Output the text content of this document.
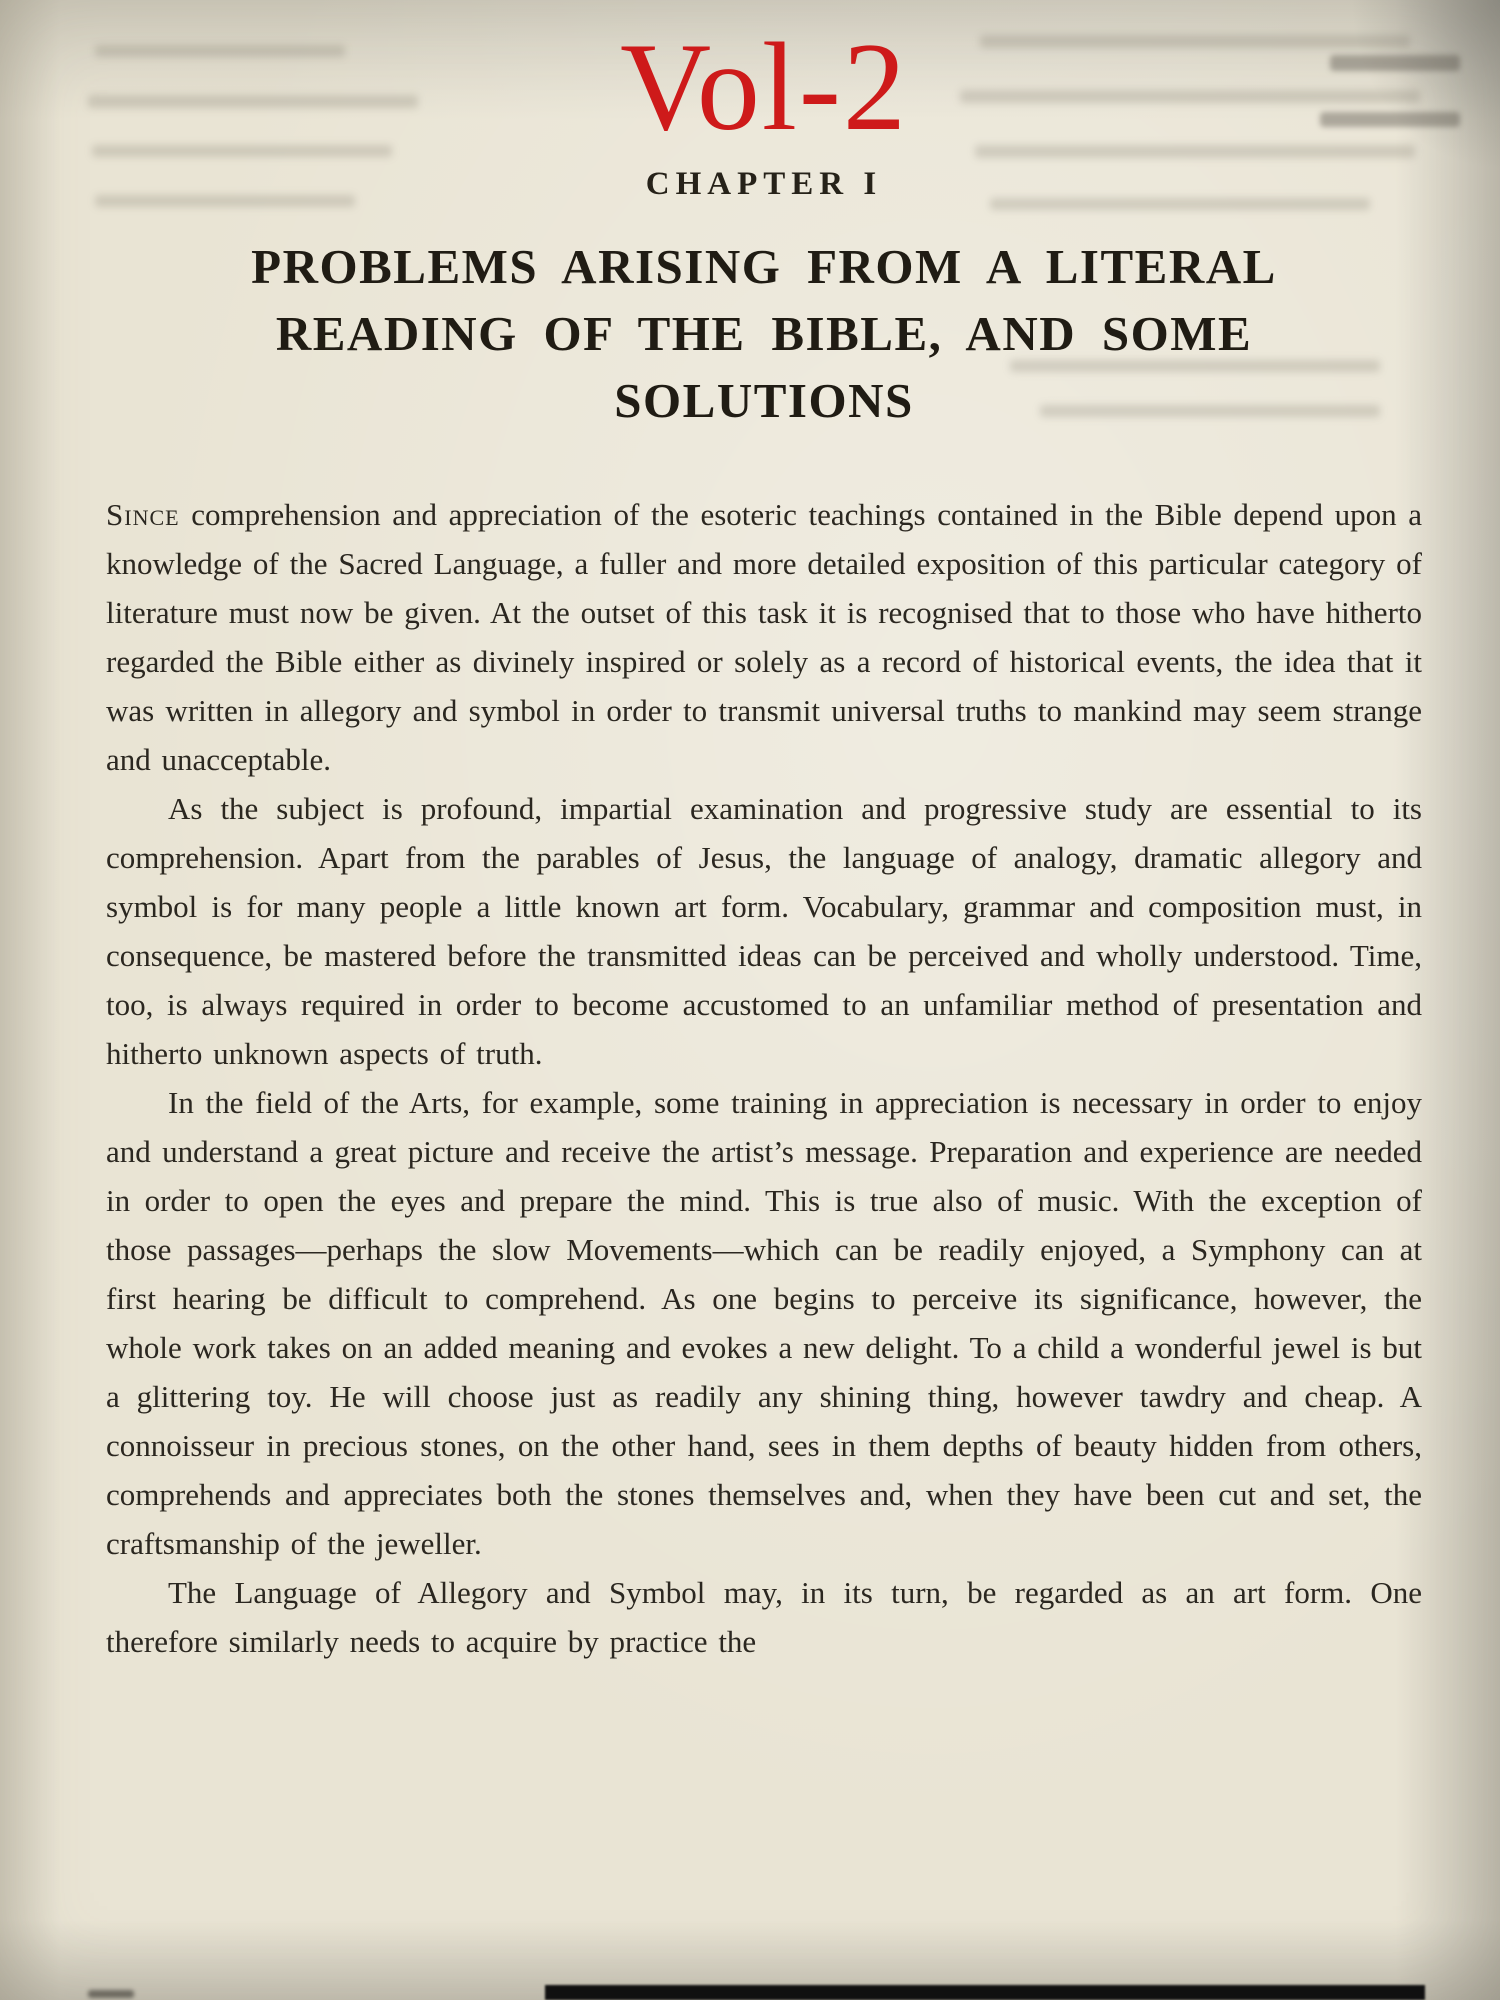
Vol-2
CHAPTER I
PROBLEMS ARISING FROM A LITERAL
READING OF THE BIBLE, AND SOME
SOLUTIONS

Since comprehension and appreciation of the esoteric teachings contained in the Bible depend upon a knowledge of the Sacred Language, a fuller and more detailed exposition of this particular category of literature must now be given. At the outset of this task it is recognised that to those who have hitherto regarded the Bible either as divinely inspired or solely as a record of historical events, the idea that it was written in allegory and symbol in order to transmit universal truths to mankind may seem strange and unacceptable.

As the subject is profound, impartial examination and progressive study are essential to its comprehension. Apart from the parables of Jesus, the language of analogy, dramatic allegory and symbol is for many people a little known art form. Vocabulary, grammar and composition must, in consequence, be mastered before the transmitted ideas can be perceived and wholly understood. Time, too, is always required in order to become accustomed to an unfamiliar method of presentation and hitherto unknown aspects of truth.

In the field of the Arts, for example, some training in appreciation is necessary in order to enjoy and understand a great picture and receive the artist’s message. Preparation and experience are needed in order to open the eyes and prepare the mind. This is true also of music. With the exception of those passages—perhaps the slow Movements—which can be readily enjoyed, a Symphony can at first hearing be difficult to comprehend. As one begins to perceive its significance, however, the whole work takes on an added meaning and evokes a new delight. To a child a wonderful jewel is but a glittering toy. He will choose just as readily any shining thing, however tawdry and cheap. A connoisseur in precious stones, on the other hand, sees in them depths of beauty hidden from others, comprehends and appreciates both the stones themselves and, when they have been cut and set, the craftsmanship of the jeweller.

The Language of Allegory and Symbol may, in its turn, be regarded as an art form. One therefore similarly needs to acquire by practice the
